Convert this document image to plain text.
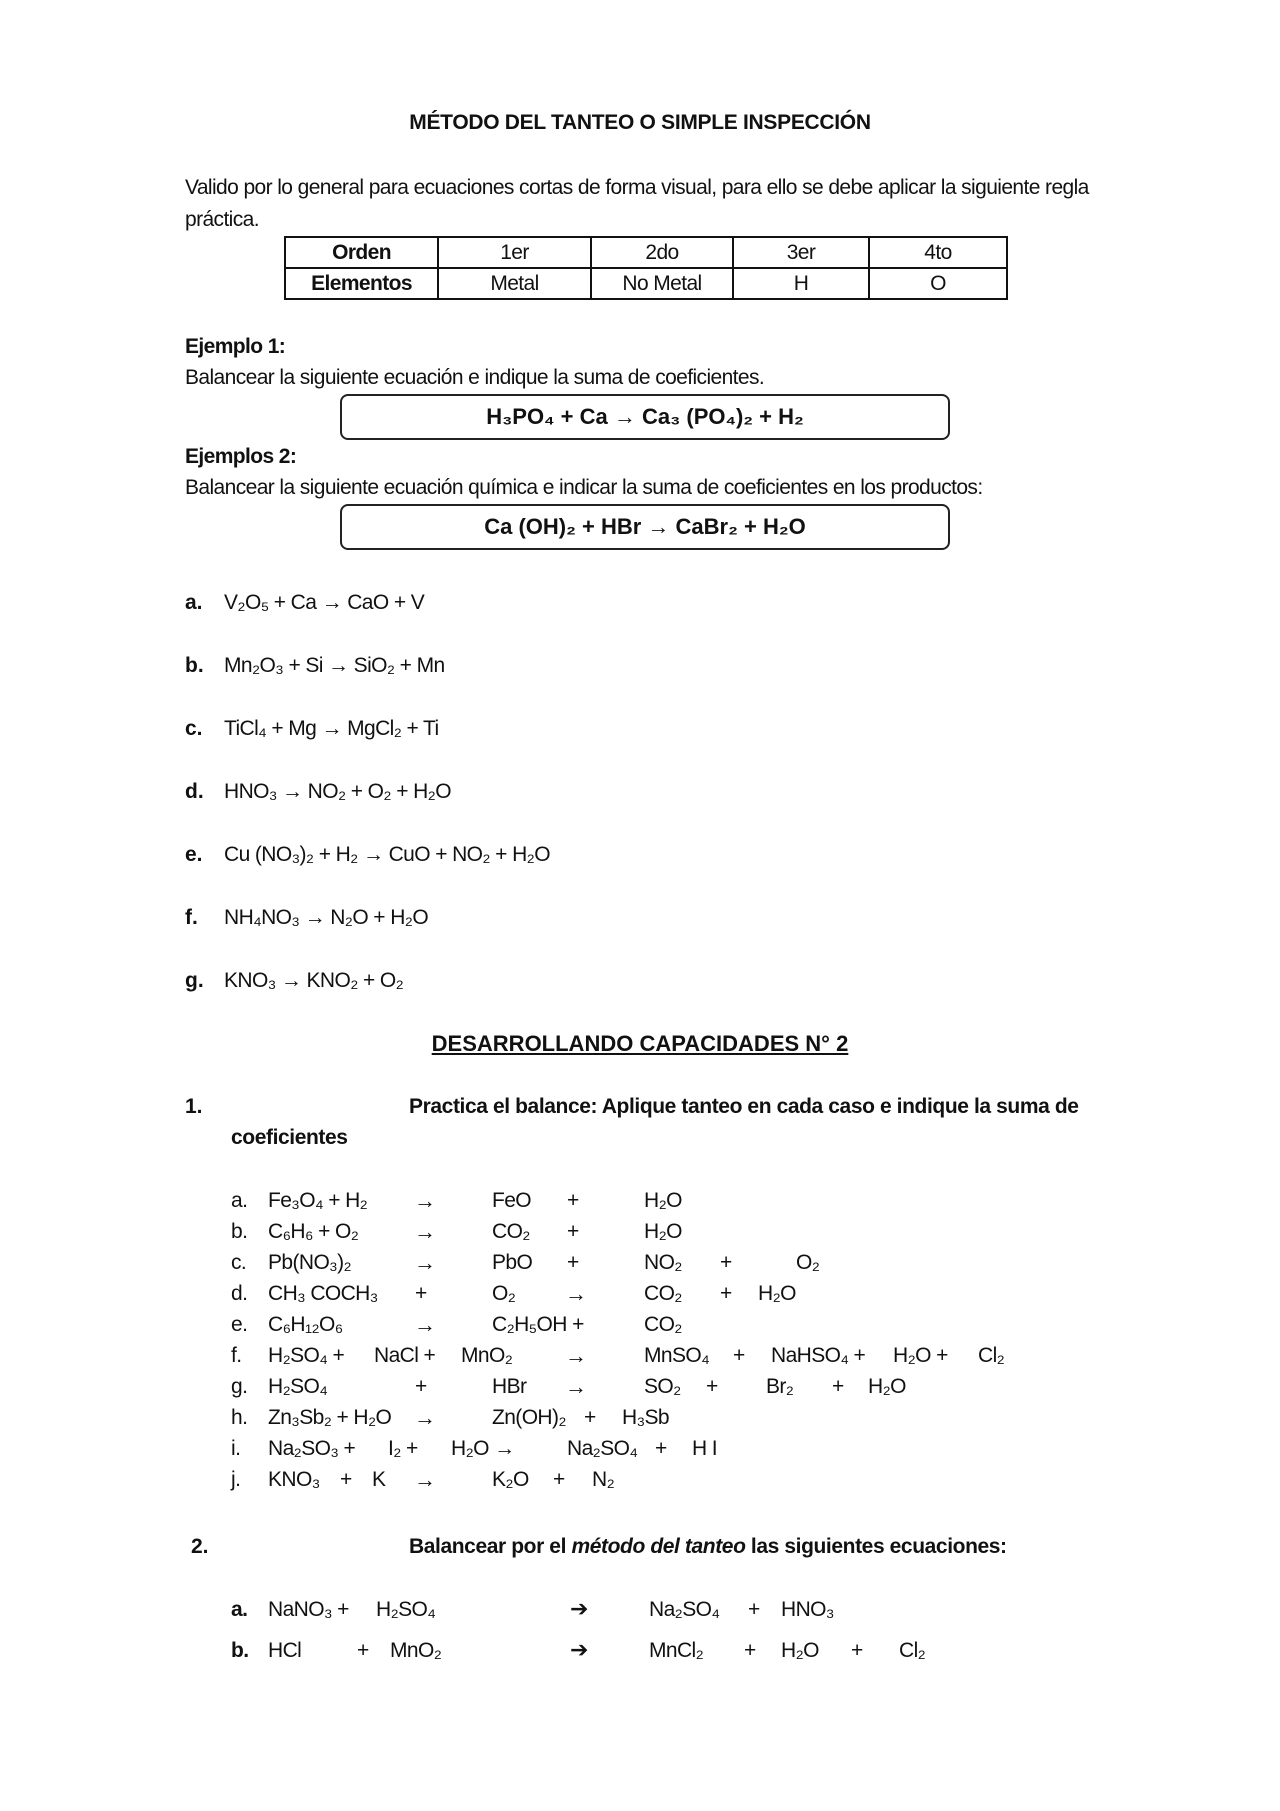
MÉTODO DEL TANTEO O SIMPLE INSPECCIÓN
Valido por lo general para ecuaciones cortas de forma visual, para ello se debe aplicar la siguiente regla práctica.
Orden	1er	2do	3er	4to
Elementos	Metal	No Metal	H	O
Ejemplo 1:
Balancear la siguiente ecuación e indique la suma de coeficientes.
H₃PO₄ + Ca → Ca₃ (PO₄)₂ + H₂
Ejemplos 2:
Balancear la siguiente ecuación química e indicar la suma de coeficientes en los productos:
Ca (OH)₂ + HBr → CaBr₂ + H₂O
a. V₂O₅ + Ca → CaO + V
b. Mn₂O₃ + Si → SiO₂ + Mn
c. TiCl₄ + Mg → MgCl₂ + Ti
d. HNO₃ → NO₂ + O₂ + H₂O
e. Cu (NO₃)₂ + H₂ → CuO + NO₂ + H₂O
f. NH₄NO₃ → N₂O + H₂O
g. KNO₃ → KNO₂ + O₂
DESARROLLANDO CAPACIDADES N° 2
1.	Practica el balance: Aplique tanteo en cada caso e indique la suma de
coeficientes
a. Fe₃O₄ + H₂ →	FeO +	H₂O
b. C₆H₆ + O₂	→	CO₂ +	H₂O
c. Pb(NO₃)₂	→	PbO +	NO₂ +	O₂
d. CH₃ COCH₃ +	O₂ →	CO₂ + H₂O
e. C₆H₁₂O₆	→	C₂H₅OH +	CO₂
f. H₂SO₄ + NaCl + MnO₂ →	MnSO₄ + NaHSO₄ + H₂O + Cl₂
g. H₂SO₄	+	HBr →	SO₂ + Br₂ + H₂O
h. Zn₃Sb₂ + H₂O →	Zn(OH)₂ + H₃Sb
i. Na₂SO₃ + I₂ + H₂O →	Na₂SO₄ + H I
j. KNO₃ + K →	K₂O + N₂
2.	Balancear por el método del tanteo las siguientes ecuaciones:
a. NaNO₃ + H₂SO₄	➔	Na₂SO₄ + HNO₃
b. HCl	+ MnO₂	➔	MnCl₂ + H₂O + Cl₂
